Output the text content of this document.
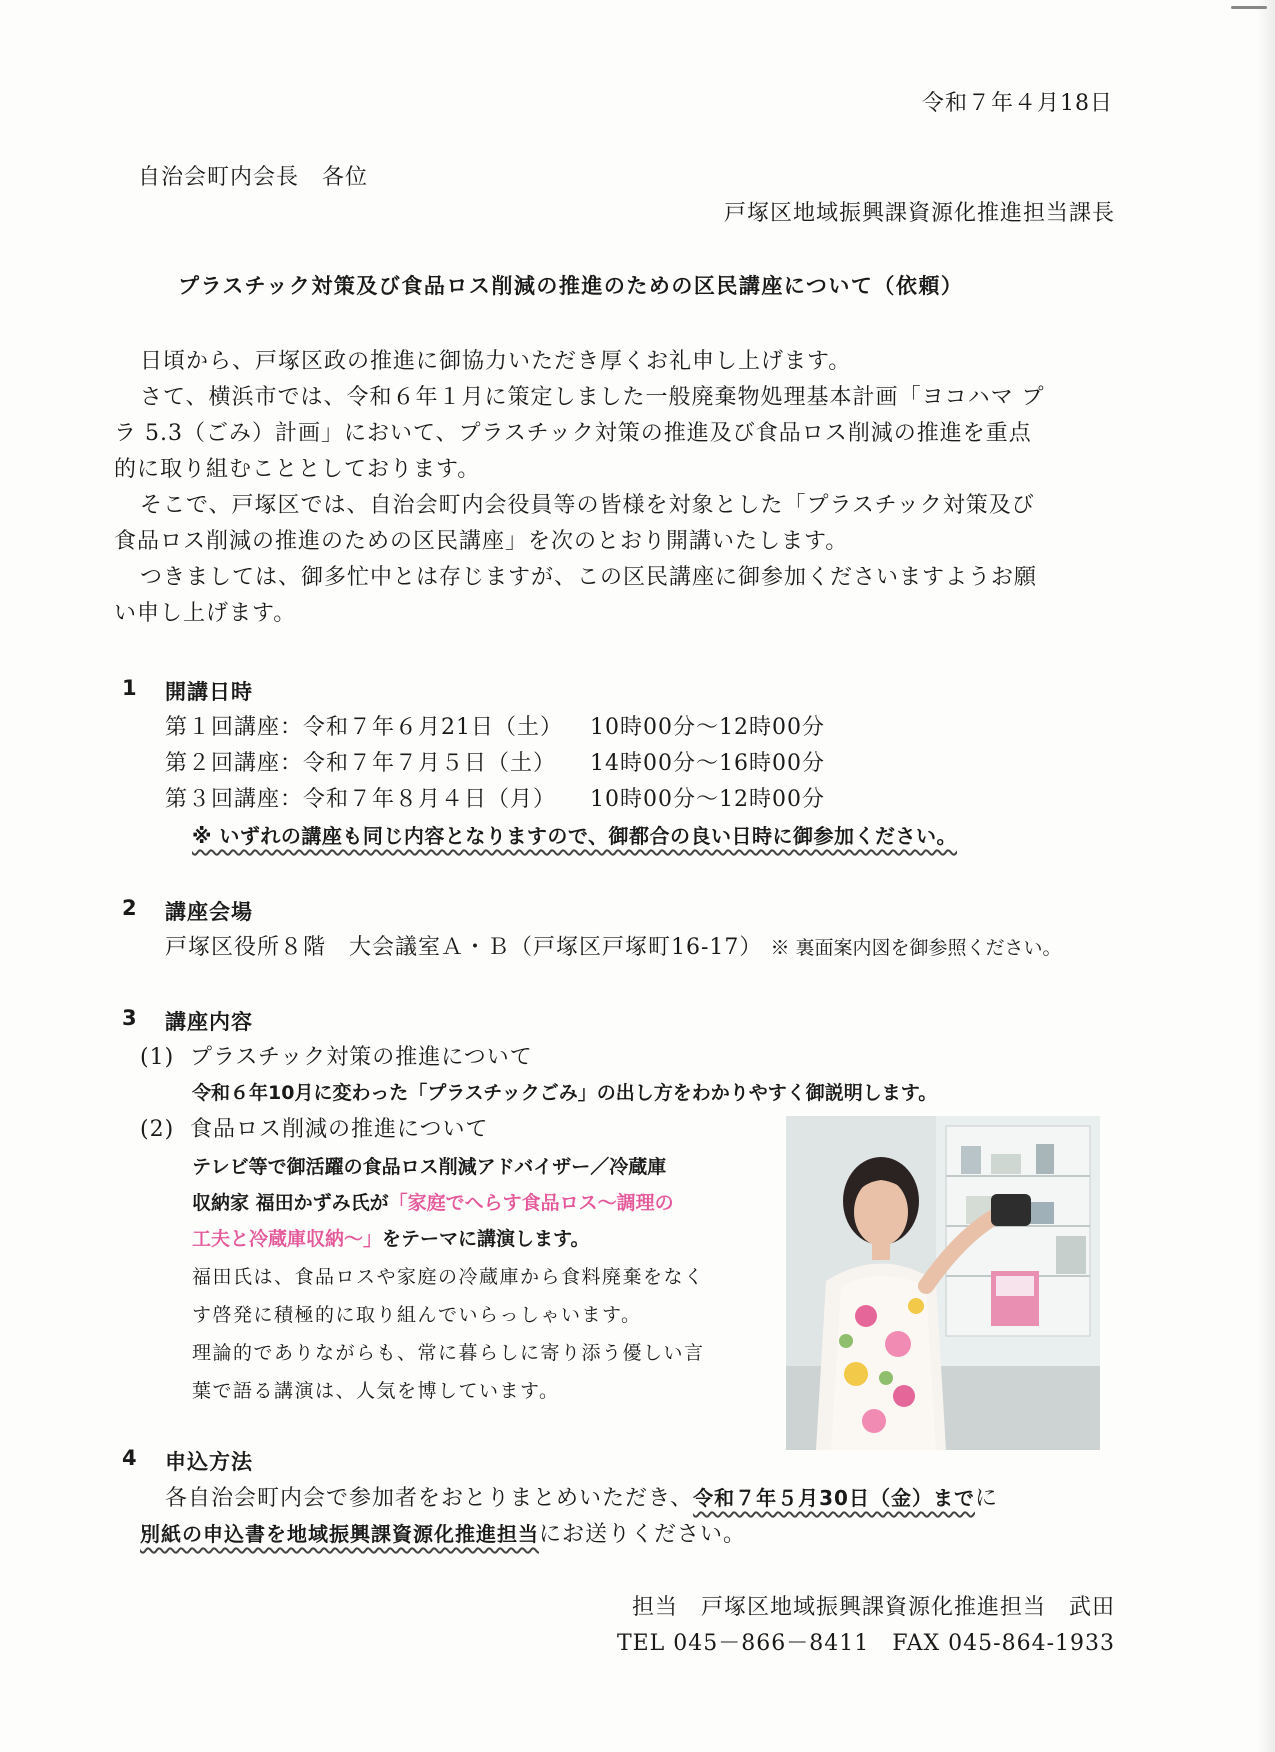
令和７年４月18日
自治会町内会長　各位
戸塚区地域振興課資源化推進担当課長
プラスチック対策及び食品ロス削減の推進のための区民講座について（依頼）
日頃から、戸塚区政の推進に御協力いただき厚くお礼申し上げます。
さて、横浜市では、令和６年１月に策定しました一般廃棄物処理基本計画「ヨコハマ プ
ラ 5.3（ごみ）計画」において、プラスチック対策の推進及び食品ロス削減の推進を重点
的に取り組むこととしております。
そこで、戸塚区では、自治会町内会役員等の皆様を対象とした「プラスチック対策及び
食品ロス削減の推進のための区民講座」を次のとおり開講いたします。
つきましては、御多忙中とは存じますが、この区民講座に御参加くださいますようお願
い申し上げます。
1 開講日時
第１回講座：令和７年６月21日（土） 10時00分～12時00分
第２回講座：令和７年７月５日（土） 14時00分～16時00分
第３回講座：令和７年８月４日（月） 10時00分～12時00分
※ いずれの講座も同じ内容となりますので、御都合の良い日時に御参加ください。
2 講座会場
戸塚区役所８階　大会議室Ａ・Ｂ（戸塚区戸塚町16-17） ※ 裏面案内図を御参照ください。
3 講座内容
(1) プラスチック対策の推進について
令和６年10月に変わった「プラスチックごみ」の出し方をわかりやすく御説明します。
(2) 食品ロス削減の推進について
テレビ等で御活躍の食品ロス削減アドバイザー／冷蔵庫
収納家 福田かずみ氏が「家庭でへらす食品ロス～調理の
工夫と冷蔵庫収納～」をテーマに講演します。
福田氏は、食品ロスや家庭の冷蔵庫から食料廃棄をなく
す啓発に積極的に取り組んでいらっしゃいます。
理論的でありながらも、常に暮らしに寄り添う優しい言
葉で語る講演は、人気を博しています。
4 申込方法
各自治会町内会で参加者をおとりまとめいただき、令和７年５月30日（金）までに
別紙の申込書を地域振興課資源化推進担当にお送りください。
担当　戸塚区地域振興課資源化推進担当　武田
TEL 045－866－8411　FAX 045-864-1933
